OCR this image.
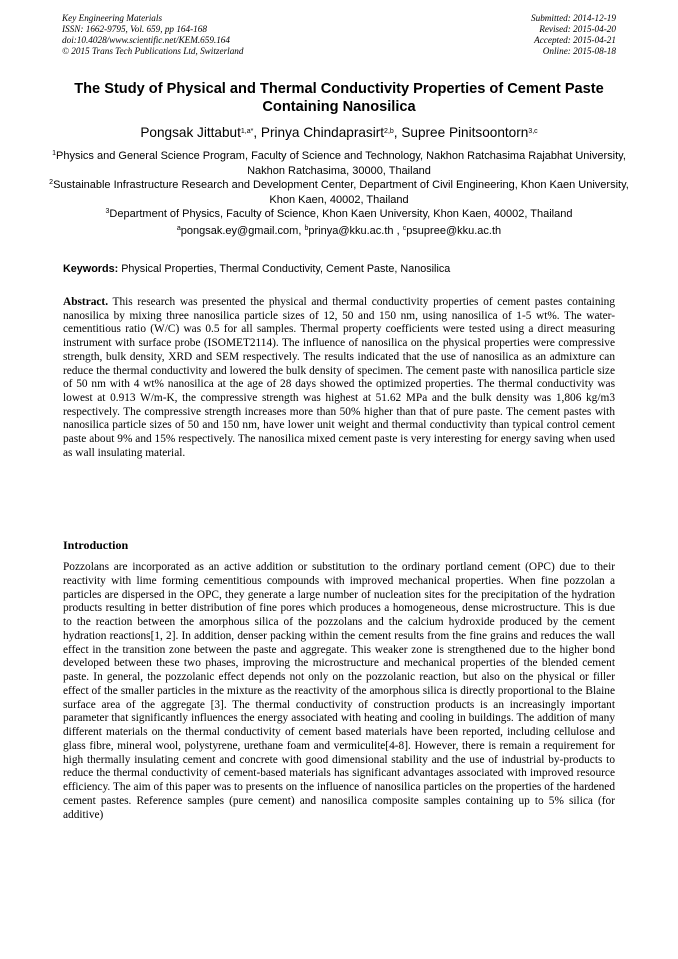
Key Engineering Materials
ISSN: 1662-9795, Vol. 659, pp 164-168
doi:10.4028/www.scientific.net/KEM.659.164
© 2015 Trans Tech Publications Ltd, Switzerland
Submitted: 2014-12-19
Revised: 2015-04-20
Accepted: 2015-04-21
Online: 2015-08-18
The Study of Physical and Thermal Conductivity Properties of Cement Paste Containing Nanosilica
Pongsak Jittabut$^{1,a*}$, Prinya Chindaprasirt$^{2,b}$, Supree Pinitsoontorn$^{3,c}$
$^1$Physics and General Science Program, Faculty of Science and Technology, Nakhon Ratchasima Rajabhat University, Nakhon Ratchasima, 30000, Thailand
$^2$Sustainable Infrastructure Research and Development Center, Department of Civil Engineering, Khon Kaen University, Khon Kaen, 40002, Thailand
$^3$Department of Physics, Faculty of Science, Khon Kaen University, Khon Kaen, 40002, Thailand
$^a$pongsak.ey@gmail.com, $^b$prinya@kku.ac.th , $^c$psupree@kku.ac.th
Keywords: Physical Properties, Thermal Conductivity, Cement Paste, Nanosilica
Abstract. This research was presented the physical and thermal conductivity properties of cement pastes containing nanosilica by mixing three nanosilica particle sizes of 12, 50 and 150 nm, using nanosilica of 1-5 wt%. The water-cementitious ratio (W/C) was 0.5 for all samples. Thermal property coefficients were tested using a direct measuring instrument with surface probe (ISOMET2114). The influence of nanosilica on the physical properties were compressive strength, bulk density, XRD and SEM respectively. The results indicated that the use of nanosilica as an admixture can reduce the thermal conductivity and lowered the bulk density of specimen. The cement paste with nanosilica particle size of 50 nm with 4 wt% nanosilica at the age of 28 days showed the optimized properties. The thermal conductivity was lowest at 0.913 W/m-K, the compressive strength was highest at 51.62 MPa and the bulk density was 1,806 kg/m3 respectively. The compressive strength increases more than 50% higher than that of pure paste. The cement pastes with nanosilica particle sizes of 50 and 150 nm, have lower unit weight and thermal conductivity than typical control cement paste about 9% and 15% respectively. The nanosilica mixed cement paste is very interesting for energy saving when used as wall insulating material.
Introduction
Pozzolans are incorporated as an active addition or substitution to the ordinary portland cement (OPC) due to their reactivity with lime forming cementitious compounds with improved mechanical properties. When fine pozzolan a particles are dispersed in the OPC, they generate a large number of nucleation sites for the precipitation of the hydration products resulting in better distribution of fine pores which produces a homogeneous, dense microstructure. This is due to the reaction between the amorphous silica of the pozzolans and the calcium hydroxide produced by the cement hydration reactions[1, 2]. In addition, denser packing within the cement results from the fine grains and reduces the wall effect in the transition zone between the paste and aggregate. This weaker zone is strengthened due to the higher bond developed between these two phases, improving the microstructure and mechanical properties of the blended cement paste. In general, the pozzolanic effect depends not only on the pozzolanic reaction, but also on the physical or filler effect of the smaller particles in the mixture as the reactivity of the amorphous silica is directly proportional to the Blaine surface area of the aggregate [3]. The thermal conductivity of construction products is an increasingly important parameter that significantly influences the energy associated with heating and cooling in buildings. The addition of many different materials on the thermal conductivity of cement based materials have been reported, including cellulose and glass fibre, mineral wool, polystyrene, urethane foam and vermiculite[4-8]. However, there is remain a requirement for high thermally insulating cement and concrete with good dimensional stability and the use of industrial by-products to reduce the thermal conductivity of cement-based materials has significant advantages associated with improved resource efficiency. The aim of this paper was to presents on the influence of nanosilica particles on the properties of the hardened cement pastes. Reference samples (pure cement) and nanosilica composite samples containing up to 5% silica (for additive)
